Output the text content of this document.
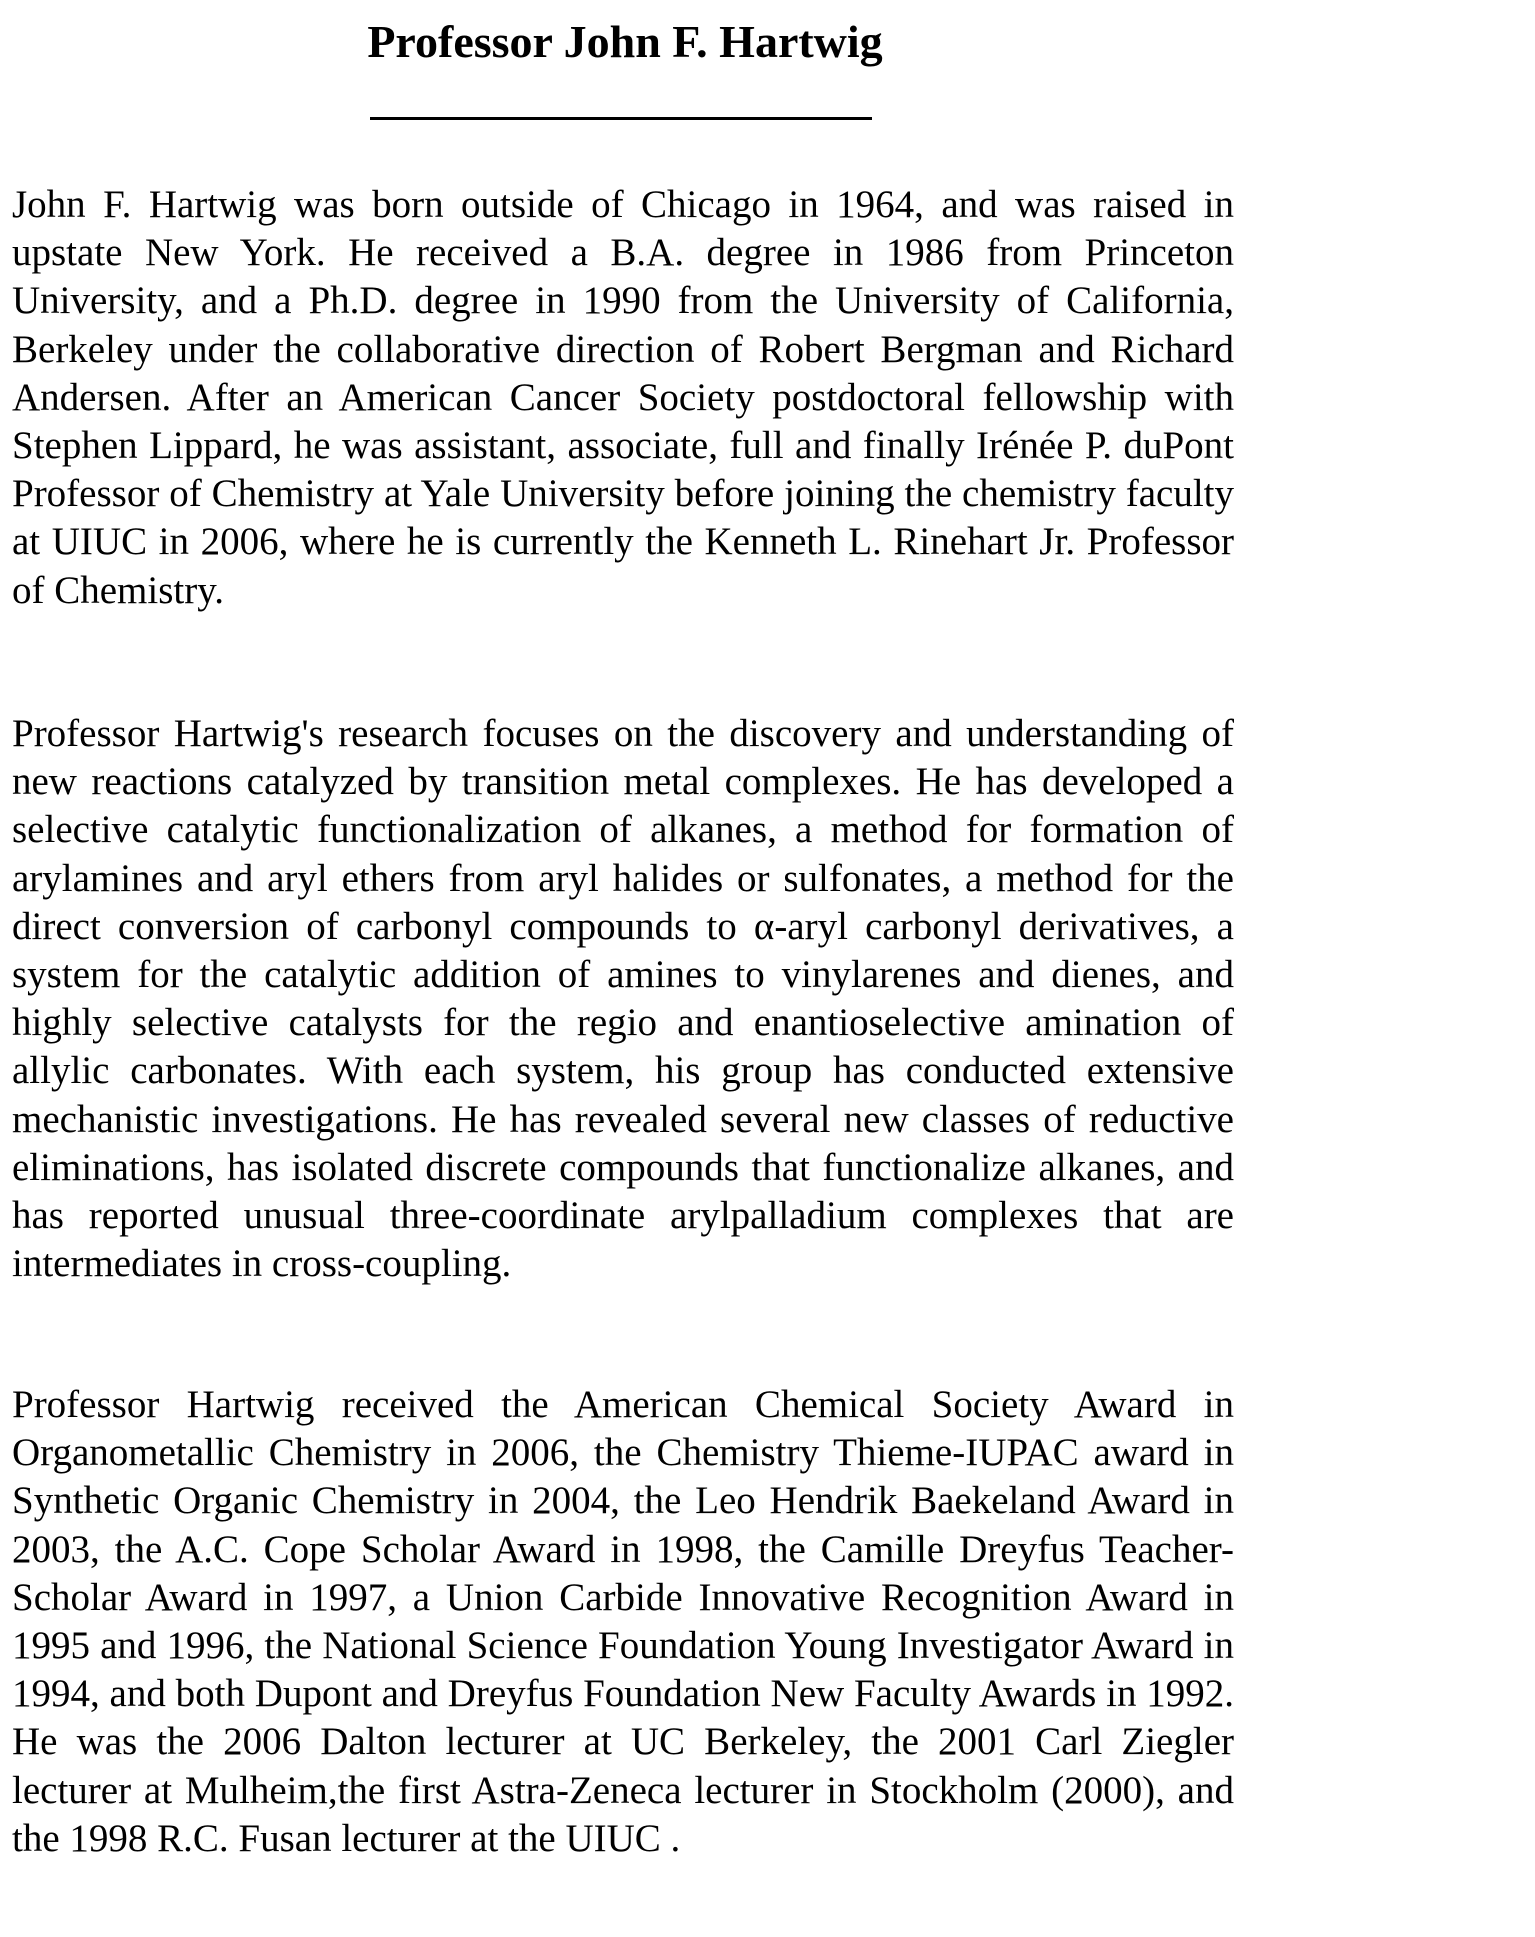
Professor John F. Hartwig

John F. Hartwig was born outside of Chicago in 1964, and was raised in upstate New York. He received a B.A. degree in 1986 from Princeton University, and a Ph.D. degree in 1990 from the University of California, Berkeley under the collaborative direction of Robert Bergman and Richard Andersen. After an American Cancer Society postdoctoral fellowship with Stephen Lippard, he was assistant, associate, full and finally Irénée P. duPont Professor of Chemistry at Yale University before joining the chemistry faculty at UIUC in 2006, where he is currently the Kenneth L. Rinehart Jr. Professor of Chemistry.

Professor Hartwig's research focuses on the discovery and understanding of new reactions catalyzed by transition metal complexes. He has developed a selective catalytic functionalization of alkanes, a method for formation of arylamines and aryl ethers from aryl halides or sulfonates, a method for the direct conversion of carbonyl compounds to α-aryl carbonyl derivatives, a system for the catalytic addition of amines to vinylarenes and dienes, and highly selective catalysts for the regio and enantioselective amination of allylic carbonates. With each system, his group has conducted extensive mechanistic investigations. He has revealed several new classes of reductive eliminations, has isolated discrete compounds that functionalize alkanes, and has reported unusual three-coordinate arylpalladium complexes that are intermediates in cross-coupling.

Professor Hartwig received the American Chemical Society Award in Organometallic Chemistry in 2006, the Chemistry Thieme-IUPAC award in Synthetic Organic Chemistry in 2004, the Leo Hendrik Baekeland Award in 2003, the A.C. Cope Scholar Award in 1998, the Camille Dreyfus Teacher-Scholar Award in 1997, a Union Carbide Innovative Recognition Award in 1995 and 1996, the National Science Foundation Young Investigator Award in 1994, and both Dupont and Dreyfus Foundation New Faculty Awards in 1992. He was the 2006 Dalton lecturer at UC Berkeley, the 2001 Carl Ziegler lecturer at Mulheim,the first Astra-Zeneca lecturer in Stockholm (2000), and the 1998 R.C. Fusan lecturer at the UIUC .
